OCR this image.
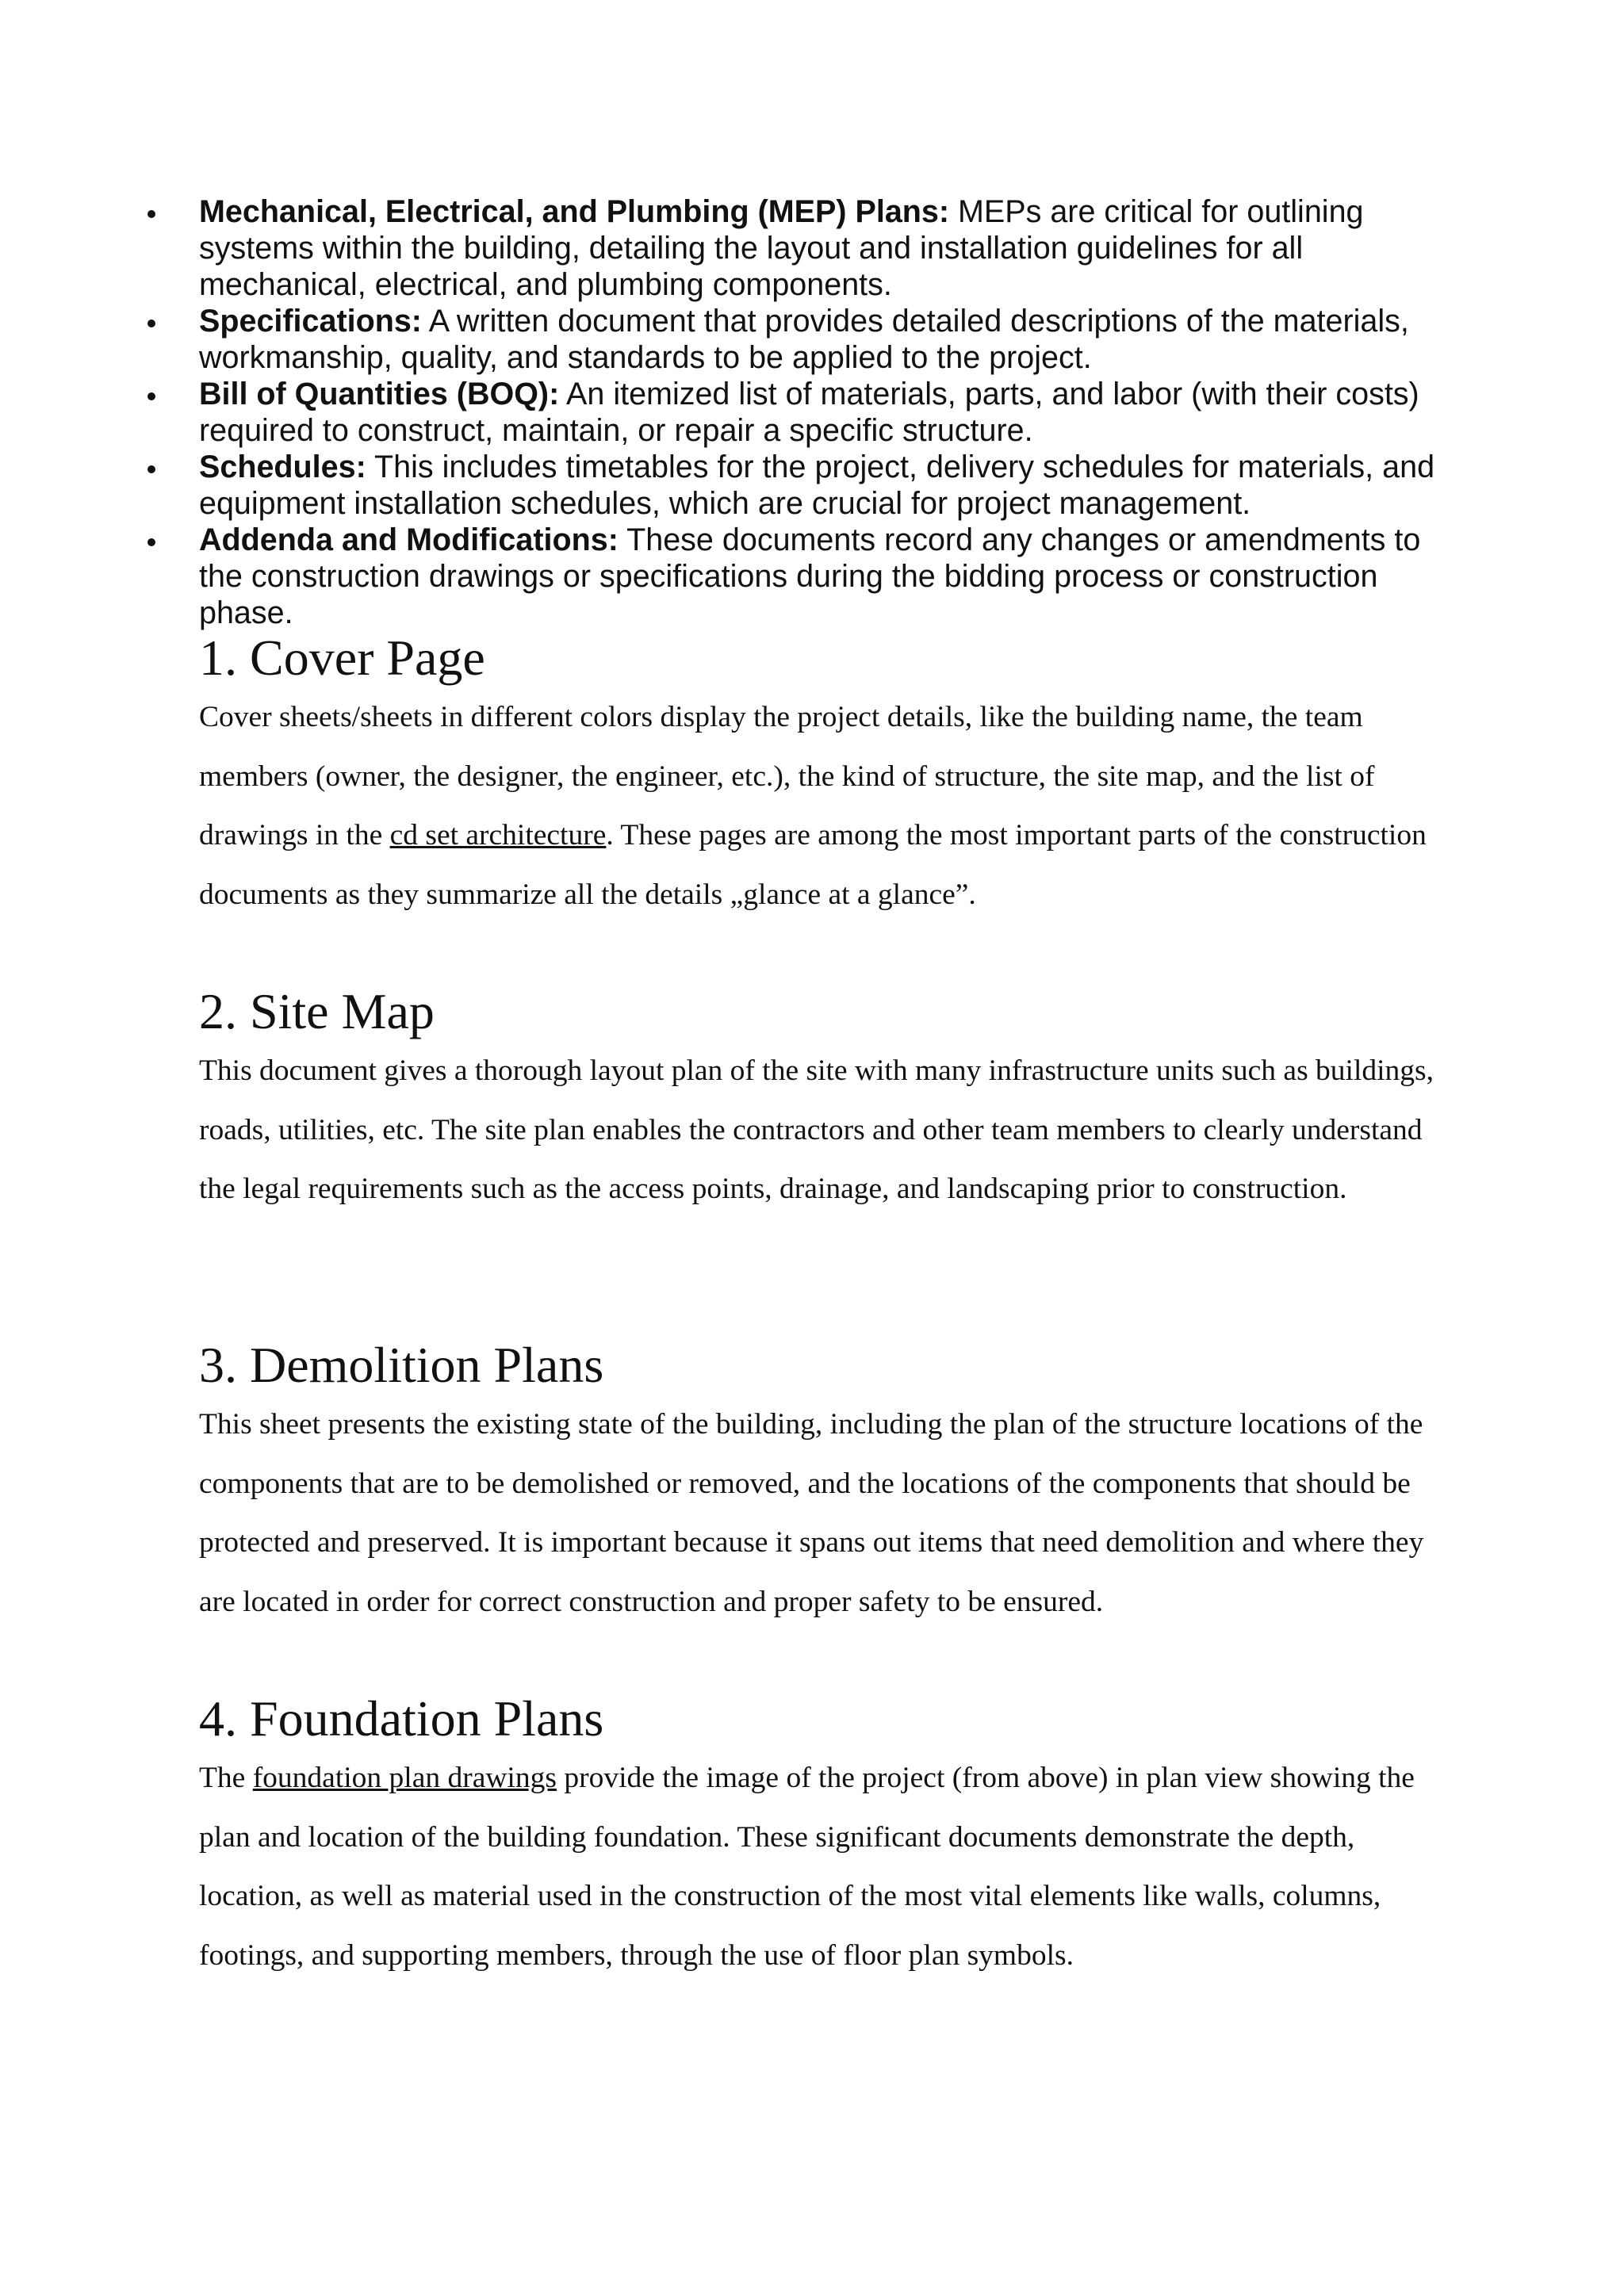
Mechanical, Electrical, and Plumbing (MEP) Plans: MEPs are critical for outlining systems within the building, detailing the layout and installation guidelines for all mechanical, electrical, and plumbing components.
Specifications: A written document that provides detailed descriptions of the materials, workmanship, quality, and standards to be applied to the project.
Bill of Quantities (BOQ): An itemized list of materials, parts, and labor (with their costs) required to construct, maintain, or repair a specific structure.
Schedules: This includes timetables for the project, delivery schedules for materials, and equipment installation schedules, which are crucial for project management.
Addenda and Modifications: These documents record any changes or amendments to the construction drawings or specifications during the bidding process or construction phase.
1. Cover Page

Cover sheets/sheets in different colors display the project details, like the building name, the team members (owner, the designer, the engineer, etc.), the kind of structure, the site map, and the list of drawings in the cd set architecture. These pages are among the most important parts of the construction documents as they summarize all the details „glance at a glance”.

2. Site Map

This document gives a thorough layout plan of the site with many infrastructure units such as buildings, roads, utilities, etc. The site plan enables the contractors and other team members to clearly understand the legal requirements such as the access points, drainage, and landscaping prior to construction.

3. Demolition Plans

This sheet presents the existing state of the building, including the plan of the structure locations of the components that are to be demolished or removed, and the locations of the components that should be protected and preserved. It is important because it spans out items that need demolition and where they are located in order for correct construction and proper safety to be ensured.

4. Foundation Plans

The foundation plan drawings provide the image of the project (from above) in plan view showing the plan and location of the building foundation. These significant documents demonstrate the depth, location, as well as material used in the construction of the most vital elements like walls, columns, footings, and supporting members, through the use of floor plan symbols.
